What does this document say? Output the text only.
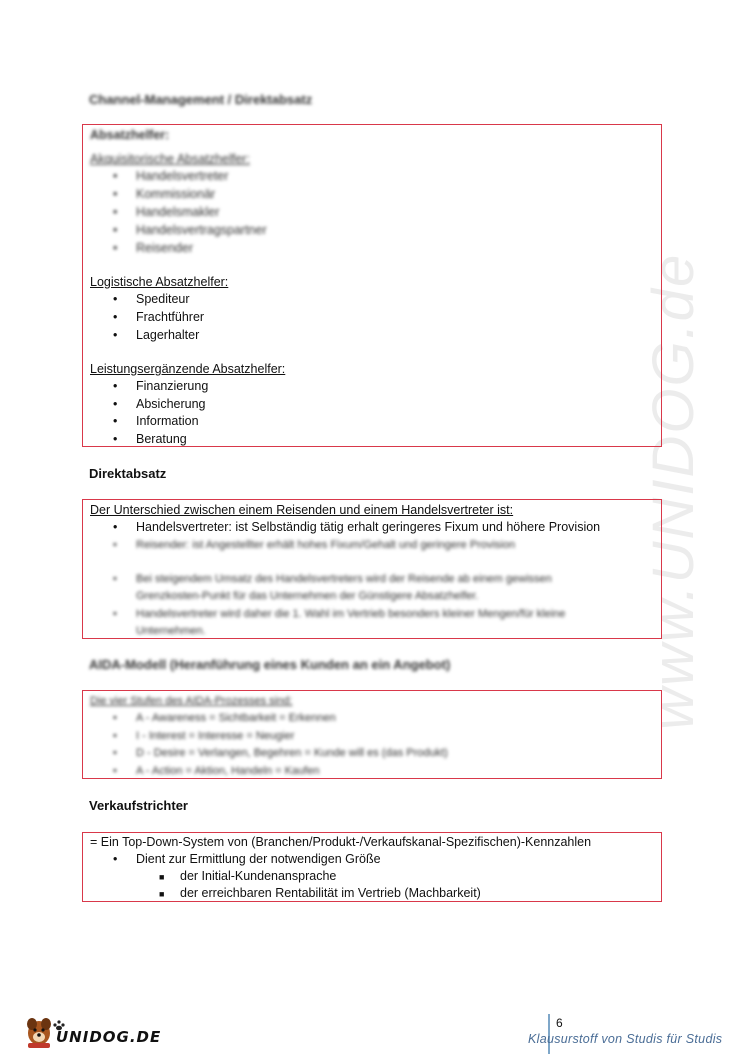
www.UNIDOG.de
Channel-Management / Direktabsatz
Absatzhelfer:
Akquisitorische Absatzhelfer:
• Handelsvertreter
• Kommissionär
• Handelsmakler
• Handelsvertragspartner
• Reisender
Logistische Absatzhelfer:
• Spediteur
• Frachtführer
• Lagerhalter
Leistungsergänzende Absatzhelfer:
• Finanzierung
• Absicherung
• Information
• Beratung
Direktabsatz
Der Unterschied zwischen einem Reisenden und einem Handelsvertreter ist:
• Handelsvertreter: ist Selbständig tätig erhalt geringeres Fixum und höhere Provision
• Reisender: ist Angestellter erhält hohes Fixum/Gehalt und geringere Provision
• Bei steigendem Umsatz des Handelsvertreters wird der Reisende ab einem gewissen
Grenzkosten-Punkt für das Unternehmen der Günstigere Absatzhelfer.
• Handelsvertreter wird daher die 1. Wahl im Vertrieb besonders kleiner Mengen/für kleine
Unternehmen.
AIDA-Modell (Heranführung eines Kunden an ein Angebot)
Die vier Stufen des AIDA-Prozesses sind:
• A - Awareness = Sichtbarkeit = Erkennen
• I - Interest = Interesse = Neugier
• D - Desire = Verlangen, Begehren = Kunde will es (das Produkt)
• A - Action = Aktion, Handeln = Kaufen
Verkaufstrichter
= Ein Top-Down-System von (Branchen/Produkt-/Verkaufskanal-Spezifischen)-Kennzahlen
• Dient zur Ermittlung der notwendigen Größe
■ der Initial-Kundenansprache
■ der erreichbaren Rentabilität im Vertrieb (Machbarkeit)
UNIDOG.DE
6
Klausurstoff von Studis für Studis
